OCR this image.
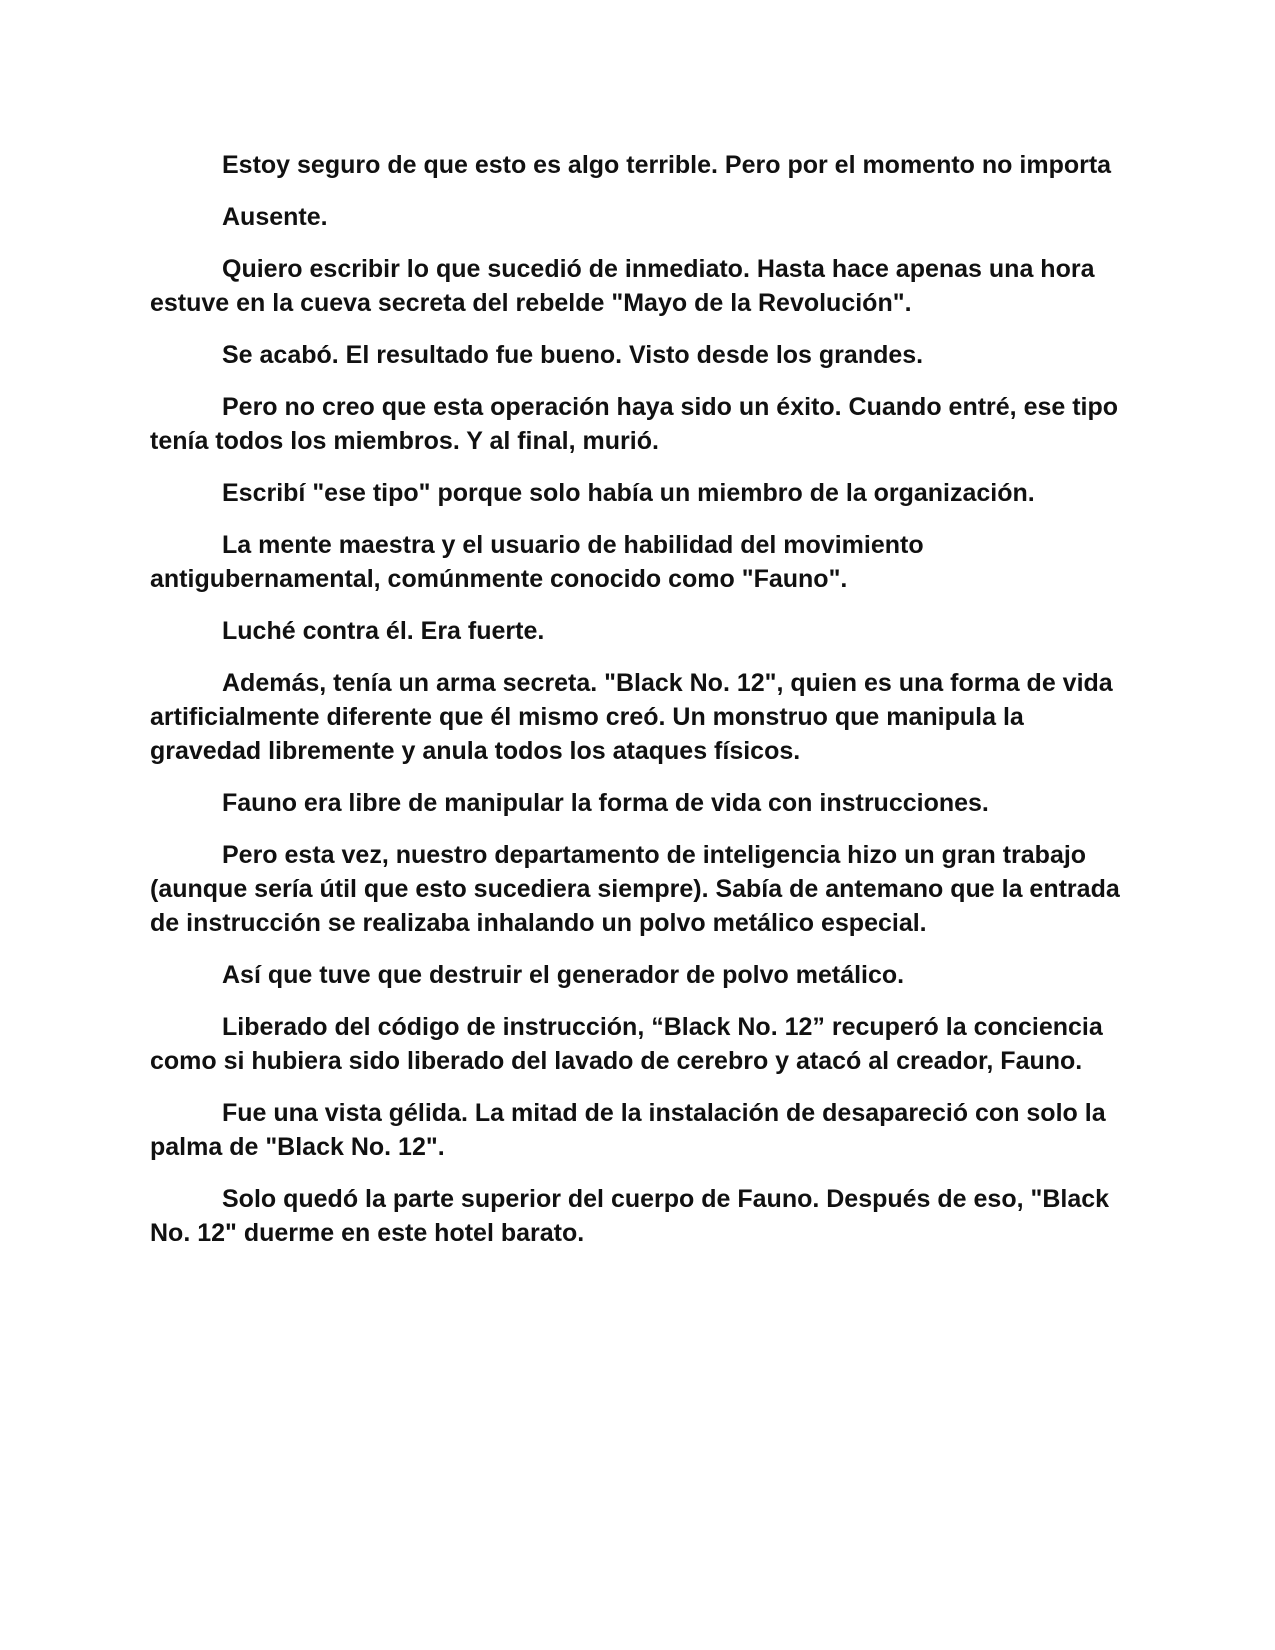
Estoy seguro de que esto es algo terrible. Pero por el momento no importa

Ausente.

Quiero escribir lo que sucedió de inmediato. Hasta hace apenas una hora estuve en la cueva secreta del rebelde "Mayo de la Revolución".

Se acabó. El resultado fue bueno. Visto desde los grandes.

Pero no creo que esta operación haya sido un éxito. Cuando entré, ese tipo tenía todos los miembros. Y al final, murió.

Escribí "ese tipo" porque solo había un miembro de la organización.

La mente maestra y el usuario de habilidad del movimiento antigubernamental, comúnmente conocido como "Fauno".

Luché contra él. Era fuerte.

Además, tenía un arma secreta. "Black No. 12", quien es una forma de vida artificialmente diferente que él mismo creó. Un monstruo que manipula la gravedad libremente y anula todos los ataques físicos.

Fauno era libre de manipular la forma de vida con instrucciones.

Pero esta vez, nuestro departamento de inteligencia hizo un gran trabajo (aunque sería útil que esto sucediera siempre). Sabía de antemano que la entrada de instrucción se realizaba inhalando un polvo metálico especial.

Así que tuve que destruir el generador de polvo metálico.

Liberado del código de instrucción, “Black No. 12” recuperó la conciencia como si hubiera sido liberado del lavado de cerebro y atacó al creador, Fauno.

Fue una vista gélida. La mitad de la instalación de desapareció con solo la palma de "Black No. 12".

Solo quedó la parte superior del cuerpo de Fauno. Después de eso, "Black No. 12" duerme en este hotel barato.
